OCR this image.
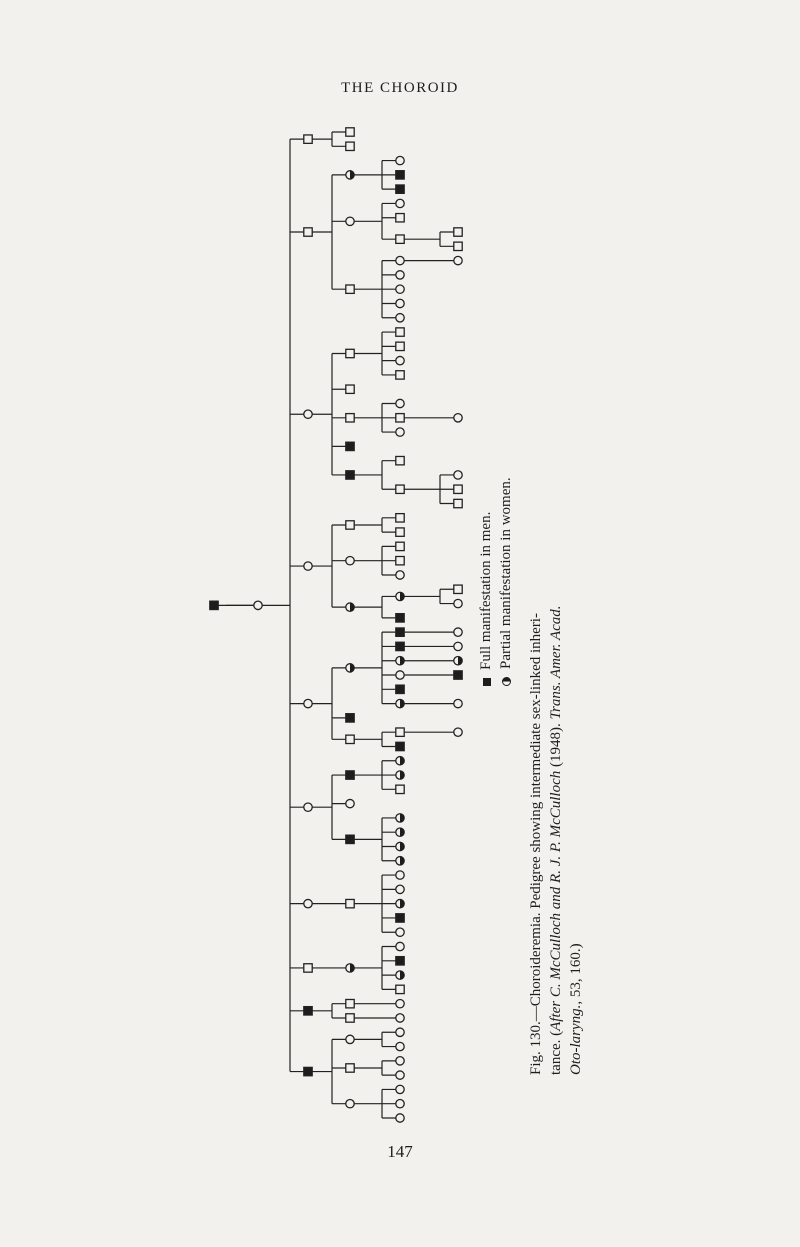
THE CHOROID
Full manifestation in men. Partial manifestation in women.
Fig. 130.—Choroideremia. Pedigree showing intermediate sex-linked inheri- tance. (After C. McCulloch and R. J. P. McCulloch (1948). Trans. Amer. Acad.
Oto-laryng., 53, 160.)
147
